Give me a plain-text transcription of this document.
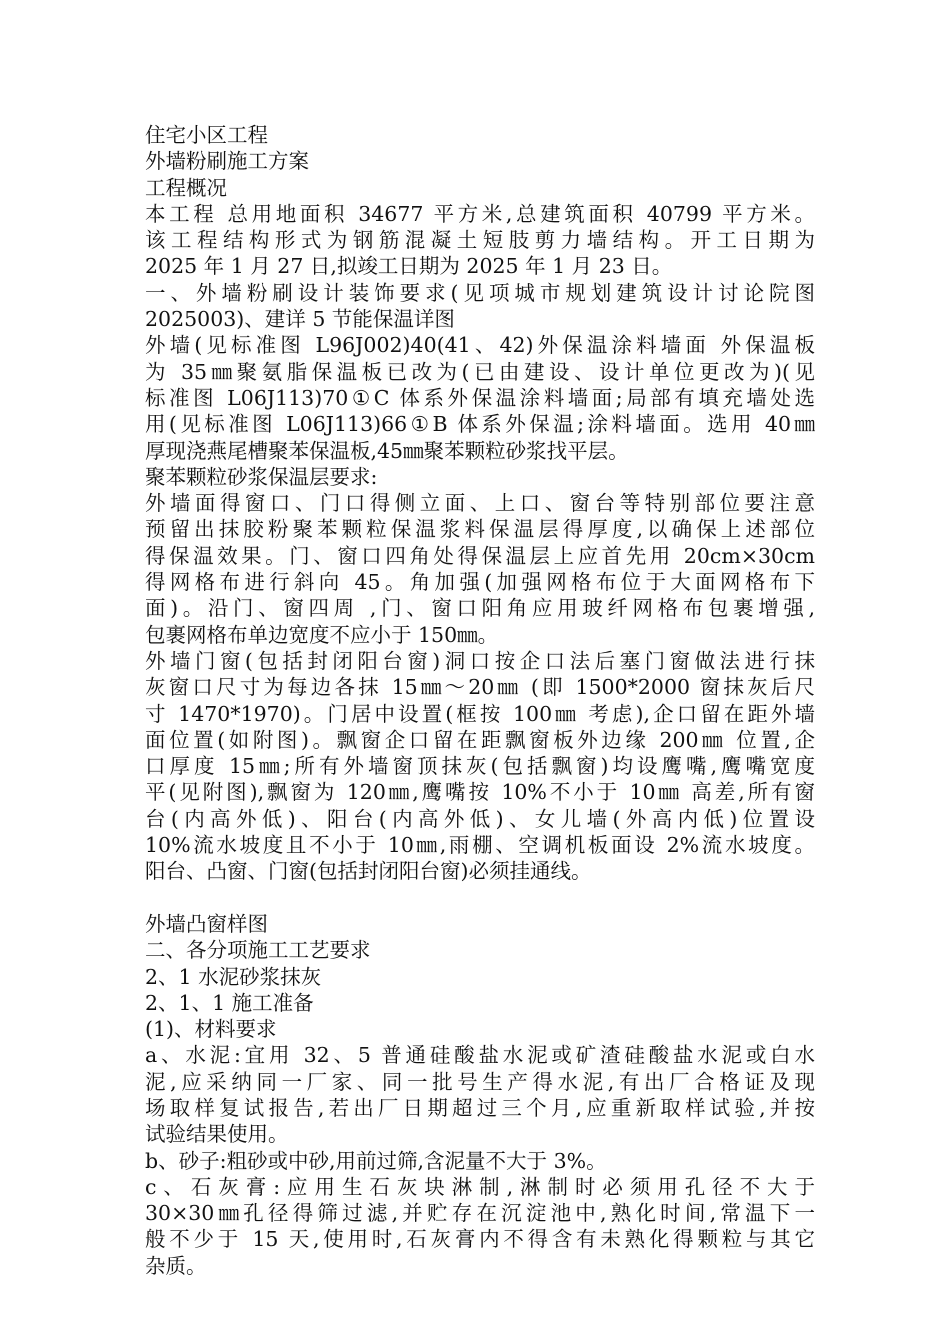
住宅小区工程
外墙粉刷施工方案
工程概况
本工程 总用地面积 34677 平方米,总建筑面积 40799 平方米。
该工程结构形式为钢筋混凝土短肢剪力墙结构。开工日期为
2025 年 1 月 27 日,拟竣工日期为 2025 年 1 月 23 日。
一、外墙粉刷设计装饰要求(见项城市规划建筑设计讨论院图
2025003)、建详 5 节能保温详图
外墙(见标准图 L96J002)40(41、42)外保温涂料墙面 外保温板
为 35㎜聚氨脂保温板已改为(已由建设、设计单位更改为)(见
标准图 L06J113)70①C 体系外保温涂料墙面;局部有填充墙处选
用(见标准图 L06J113)66①B 体系外保温;涂料墙面。选用 40㎜
厚现浇燕尾槽聚苯保温板,45㎜聚苯颗粒砂浆找平层。
聚苯颗粒砂浆保温层要求:
外墙面得窗口、门口得侧立面、上口、窗台等特别部位要注意
预留出抹胶粉聚苯颗粒保温浆料保温层得厚度,以确保上述部位
得保温效果。门、窗口四角处得保温层上应首先用 20cm×30cm
得网格布进行斜向 45。角加强(加强网格布位于大面网格布下
面)。沿门、窗四周 ,门、窗口阳角应用玻纤网格布包裹增强,
包裹网格布单边宽度不应小于 150㎜。
外墙门窗(包括封闭阳台窗)洞口按企口法后塞门窗做法进行抹
灰窗口尺寸为每边各抹 15㎜～20㎜ (即 1500*2000 窗抹灰后尺
寸 1470*1970)。门居中设置(框按 100㎜ 考虑),企口留在距外墙
面位置(如附图)。飘窗企口留在距飘窗板外边缘 200㎜ 位置,企
口厚度 15㎜;所有外墙窗顶抹灰(包括飘窗)均设鹰嘴,鹰嘴宽度
平(见附图),飘窗为 120㎜,鹰嘴按 10%不小于 10㎜ 高差,所有窗
台(内高外低)、阳台(内高外低)、女儿墙(外高内低)位置设
10%流水坡度且不小于 10㎜,雨棚、空调机板面设 2%流水坡度。
阳台、凸窗、门窗(包括封闭阳台窗)必须挂通线。
外墙凸窗样图
二、各分项施工工艺要求
2、1 水泥砂浆抹灰
2、1、1 施工准备
(1)、材料要求
a、水泥:宜用 32、5 普通硅酸盐水泥或矿渣硅酸盐水泥或白水
泥,应采纳同一厂家、同一批号生产得水泥,有出厂合格证及现
场取样复试报告,若出厂日期超过三个月,应重新取样试验,并按
试验结果使用。
b、砂子:粗砂或中砂,用前过筛,含泥量不大于 3%。
c、石灰膏:应用生石灰块淋制,淋制时必须用孔径不大于
30×30㎜孔径得筛过滤,并贮存在沉淀池中,熟化时间,常温下一
般不少于 15 天,使用时,石灰膏内不得含有未熟化得颗粒与其它
杂质。
